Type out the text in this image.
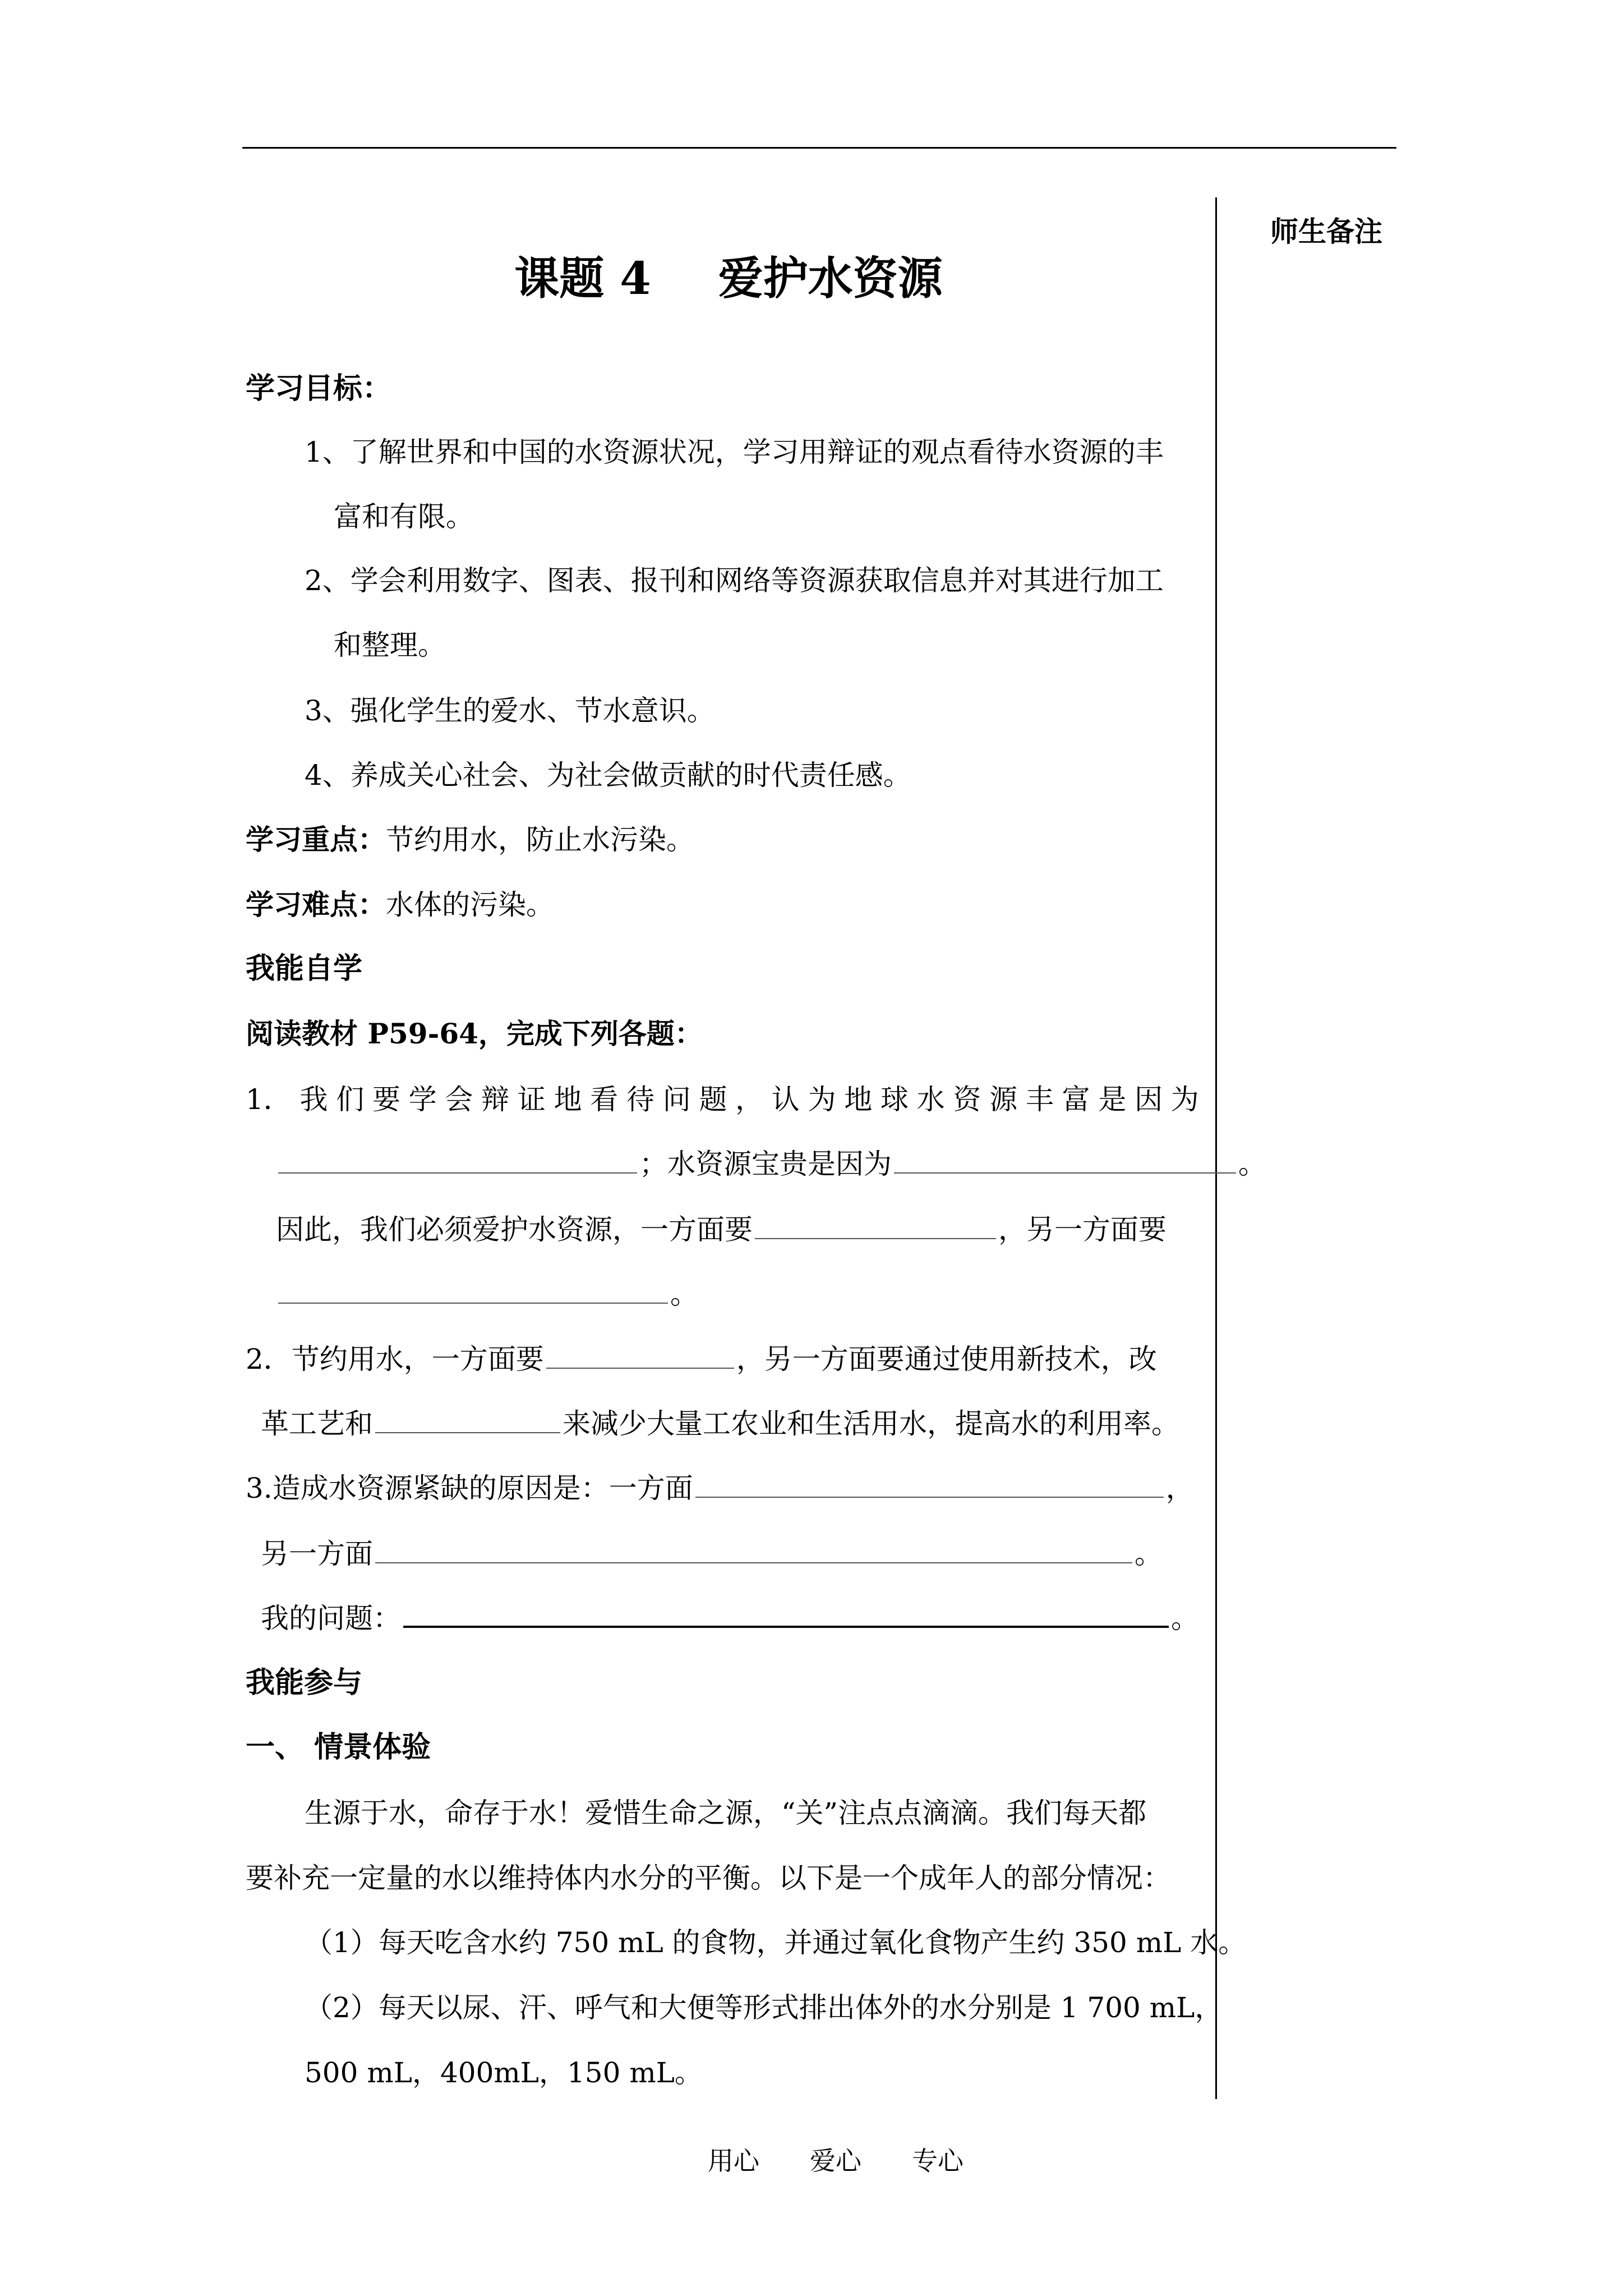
师生备注
课题 4 爱护水资源
学习目标：
1、了解世界和中国的水资源状况，学习用辩证的观点看待水资源的丰
富和有限。
2、学会利用数字、图表、报刊和网络等资源获取信息并对其进行加工
和整理。
3、强化学生的爱水、节水意识。
4、养成关心社会、为社会做贡献的时代责任感。
学习重点：节约用水，防止水污染。
学习难点：水体的污染。
我能自学
阅读教材 P59-64，完成下列各题：
1． 我 们 要 学 会 辩 证 地 看 待 问 题 ， 认 为 地 球 水 资 源 丰 富 是 因 为
；水资源宝贵是因为	。
因此，我们必须爱护水资源，一方面要	，另一方面要
。
2．节约用水，一方面要	，另一方面要通过使用新技术，改
革工艺和	来减少大量工农业和生活用水，提高水的利用率。
3.造成水资源紧缺的原因是：一方面	，
另一方面	。
我的问题：	。
我能参与
一、 情景体验
生源于水，命存于水！爱惜生命之源，“关”注点点滴滴。我们每天都
要补充一定量的水以维持体内水分的平衡。以下是一个成年人的部分情况：
（1）每天吃含水约 750 mL 的食物，并通过氧化食物产生约 350 mL 水。
（2）每天以尿、汗、呼气和大便等形式排出体外的水分别是 1 700 mL，
500 mL，400mL，150 mL。
用心 爱心 专心
